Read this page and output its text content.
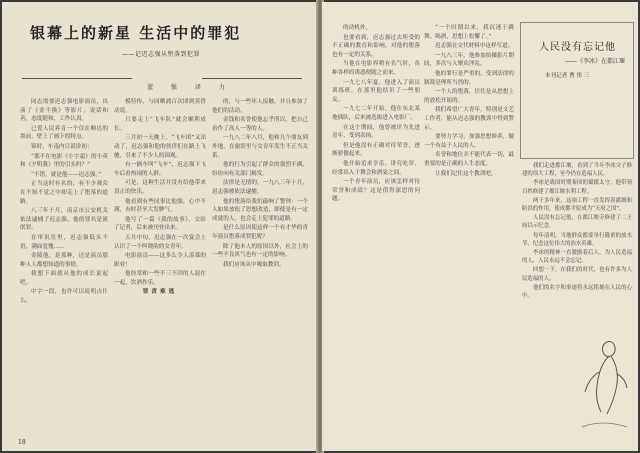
银幕上的新星 生活中的罪犯
——记迟志强从堕落到犯罪
蓝 强 译 力

同志需要迟志强电影演员，出演了《金不换》等影片，说话和善，态度随和，工作认真。

已爱人民养育一个仅在顺达的墨前，壁上了画下的特点。

锦时，车南内日说诊初：

“那不在电影《小字霜》的小英和《夕明我》里的引头吗？”

“不错，就是他——迟志强。”

正当这时有名的，有不少观众在不知不觉之中却走上了堕落的道路。

八三年十月，南京市公安机关依法逮捕了迟志强，他的罪名是流氓罪。

在审讯室里，迟志强低头不语，满面羞愧……

金陵他，是那种，还是演员那种人人都想知道的事情。

我想下面就从他的成长说起吧。

中字一段，也许可以说明点什么。

模特传，与同晒浦百次团到黄昏动说。

只要走上“飞车队”就会顺利成长。

三月初一天晚上，“飞车团”又出动了，迟志强和他的伙伴们在路上飞驰，引来了不少人的围观。

有一辆车叫“飞车”，迟志强下飞车后看热闹的人群。

可是，这种生活并没有给他带来真正的快乐。

他看到有些同事比他强，心中不满，有时甚至大发脾气。

他写了一篇《我的故事》，交给了记者，后来被刊登出来。

五月中旬，迟志强在一次宴会上认识了一个叫晓韵的女青年。

电影演员——这多么令人羡慕的职业！

他经常和一些不三不四的人混在一起，饮酒作乐。

罪责难逃

的，与一些坏人接触，并且参加了他们的活动。

金钱和名誉使他忘乎所以，把自己看作了高人一等的人。

一九八二年八月，他和几个朋友到外地，在旅馆里与女青年发生不正当关系。

他的行为引起了群众的强烈不满，纷纷向有关部门揭发。

法律是无情的。一九八三年十月，迟志强被依法逮捕。

他的堕落给我们敲响了警钟：一个人如果放松了思想改造，即使是有一定成就的人，也会走上犯罪的道路。

是什么原因使这样一个有才华的青年演员堕落成罪犯呢？

除了他本人的原因以外，社会上的一些不良风气也有一定的影响。

我们应该从中吸取教训。

18

的动机外，

也要看到，迟志强过去所受的不正确的教育和影响，对他的堕落也有一定的关系。

当他在电影界稍有名气时，各种各样的诱惑便随之而来。

一九七八年夏，他进入了演员训练班，在那里他结识了一些朋友。

一九七二年开始，他在东北某地插队，后来被选拔进入电影厂。

在这个期间，他曾被评为先进青年，受到表扬。

但是他没有正确对待荣誉，逐渐骄傲起来。

他开始追求享乐，讲究吃穿，经常出入于舞会和酒宴之间。

一个青年演员，应该怎样对待荣誉和成绩？这是值得深思的问题。

“一个时期以来，我沉迷于跳舞、喝酒，思想上松懈了。”

迟志强在交代材料中这样写道。

一九八三年，他参加拍摄影片期间，多次与人聚众淫乱。

他的罪行是严重的，受到法律的制裁是理所当然的。

一个人的堕落，往往是从思想上的放松开始的。

我们希望广大青年，特别是文艺工作者，能从迟志强的教训中得到警示。

要努力学习，加强思想修养，做一个有益于人民的人。

名誉和地位并不能代表一切，最重要的是正确的人生态度。

让我们记住这个教训吧。

人民没有忘记他
——《李冰》在都江堰
本刊记者 曹 彤 三

我们走进都江堰，看到了当年李冰父子修建的伟大工程，至今仍在造福人民。

李冰是战国时期秦国的蜀郡太守，他带领百姓修建了都江堰水利工程。

两千多年来，这项工程一直发挥着灌溉和防洪的作用，使成都平原成为“天府之国”。

人民没有忘记他，在都江堰旁修建了二王庙以示纪念。

每年清明，当地群众都要举行隆重的放水节，纪念这位伟大的治水英雄。

李冰的精神一直激励着后人，为人民造福的人，人民永远不会忘记。

回想一下，在我们的时代，也有许多为人民造福的人。

他们的名字和事迹将永远铭刻在人民的心中。
